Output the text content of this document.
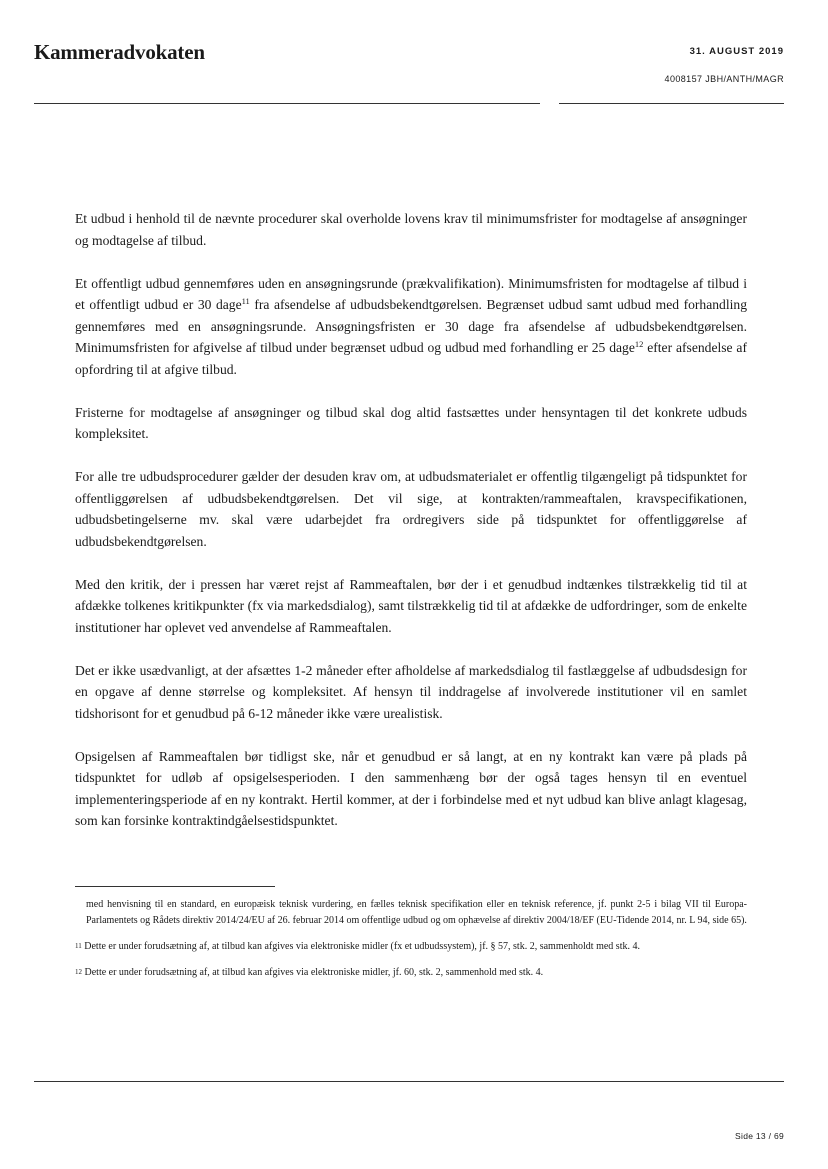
Kammeradvokaten	31. AUGUST 2019
4008157 JBH/ANTH/MAGR

Et udbud i henhold til de nævnte procedurer skal overholde lovens krav til minimumsfrister for modtagelse af ansøgninger og modtagelse af tilbud.

Et offentligt udbud gennemføres uden en ansøgningsrunde (prækvalifikation). Minimumsfristen for modtagelse af tilbud i et offentligt udbud er 30 dage$^{11}$ fra afsendelse af udbudsbekendtgørelsen. Begrænset udbud samt udbud med forhandling gennemføres med en ansøgningsrunde. Ansøgningsfristen er 30 dage fra afsendelse af udbudsbekendtgørelsen. Minimumsfristen for afgivelse af tilbud under begrænset udbud og udbud med forhandling er 25 dage$^{12}$ efter afsendelse af opfordring til at afgive tilbud.

Fristerne for modtagelse af ansøgninger og tilbud skal dog altid fastsættes under hensyntagen til det konkrete udbuds kompleksitet.

For alle tre udbudsprocedurer gælder der desuden krav om, at udbudsmaterialet er offentlig tilgængeligt på tidspunktet for offentliggørelsen af udbudsbekendtgørelsen. Det vil sige, at kontrakten/rammeaftalen, kravspecifikationen, udbudsbetingelserne mv. skal være udarbejdet fra ordregivers side på tidspunktet for offentliggørelse af udbudsbekendtgørelsen.

Med den kritik, der i pressen har været rejst af Rammeaftalen, bør der i et genudbud indtænkes tilstrækkelig tid til at afdække tolkenes kritikpunkter (fx via markedsdialog), samt tilstrækkelig tid til at afdække de udfordringer, som de enkelte institutioner har oplevet ved anvendelse af Rammeaftalen.

Det er ikke usædvanligt, at der afsættes 1-2 måneder efter afholdelse af markedsdialog til fastlæggelse af udbudsdesign for en opgave af denne størrelse og kompleksitet. Af hensyn til inddragelse af involverede institutioner vil en samlet tidshorisont for et genudbud på 6-12 måneder ikke være urealistisk.

Opsigelsen af Rammeaftalen bør tidligst ske, når et genudbud er så langt, at en ny kontrakt kan være på plads på tidspunktet for udløb af opsigelsesperioden. I den sammenhæng bør der også tages hensyn til en eventuel implementeringsperiode af en ny kontrakt. Hertil kommer, at der i forbindelse med et nyt udbud kan blive anlagt klagesag, som kan forsinke kontraktindgåelsestidspunktet.

med henvisning til en standard, en europæisk teknisk vurdering, en fælles teknisk specifikation eller en teknisk reference, jf. punkt 2-5 i bilag VII til Europa-Parlamentets og Rådets direktiv 2014/24/EU af 26. februar 2014 om offentlige udbud og om ophævelse af direktiv 2004/18/EF (EU-Tidende 2014, nr. L 94, side 65).

$^{11}$ Dette er under forudsætning af, at tilbud kan afgives via elektroniske midler (fx et udbudssystem), jf. § 57, stk. 2, sammenholdt med stk. 4.

$^{12}$ Dette er under forudsætning af, at tilbud kan afgives via elektroniske midler, jf. 60, stk. 2, sammenhold med stk. 4.

Side 13 / 69
